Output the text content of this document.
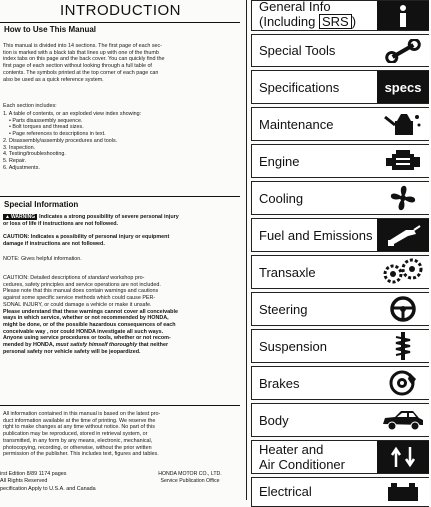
INTRODUCTION
How to Use This Manual

This manual is divided into 14 sections. The first page of each sec-
tion is marked with a black tab that lines up with one of the thumb
index tabs on this page and the back cover. You can quickly find the
first page of each section without looking through a full table of
contents. The symbols printed at the top corner of each page can
also be used as a quick reference system.

Each section includes:

1. A table of contents, or an exploded view index showing:
• Parts disassembly sequence.
• Bolt torques and thread sizes.
• Page references to descriptions in text.
2. Disassembly/assembly procedures and tools.
3. Inspection.
4. Testing/troubleshooting.
5. Repair.
6. Adjustments.

Special Information

▲WARNING Indicates a strong possibility of severe personal injury
or loss of life if instructions are not followed.

CAUTION: Indicates a possibility of personal injury or equipment
damage if instructions are not followed.

NOTE: Gives helpful information.

CAUTION: Detailed descriptions of standard workshop pro-
cedures, safety principles and service operations are not included.
Please note that this manual does contain warnings and cautions
against some specific service methods which could cause PER-
SONAL INJURY, or could damage a vehicle or make it unsafe.
Please understand that these warnings cannot cover all conceivable
ways in which service, whether or not recommended by HONDA,
might be done, or of the possible hazardous consequences of each
conceivable way , nor could HONDA investigate all such ways.
Anyone using service procedures or tools, whether or not recom-
mended by HONDA, must satisfy himself thoroughly that neither
personal safety nor vehicle safety will be jeopardized.

All information contained in this manual is based on the latest pro-
duct information available at the time of printing. We reserve the
right to make changes at any time without notice. No part of this
publication may be reproduced, stored in retrieval system, or
transmitted, in any form by any means, electronic, mechanical,
photocopying, recording, or otherwise, without the prior written
permission of the publisher. This includes text, figures and tables.

irst Edition 8/89 1174 pages
All Rights Reserved
pecification Apply to U.S.A. and Canada
HONDA MOTOR CO., LTD.
Service Publication Office
General Info
(Including SRS )
Special Tools
Specifications	specs
Maintenance
Engine
Cooling
Fuel and Emissions
Transaxle
Steering
Suspension
Brakes
Body
Heater and
Air Conditioner
Electrical
